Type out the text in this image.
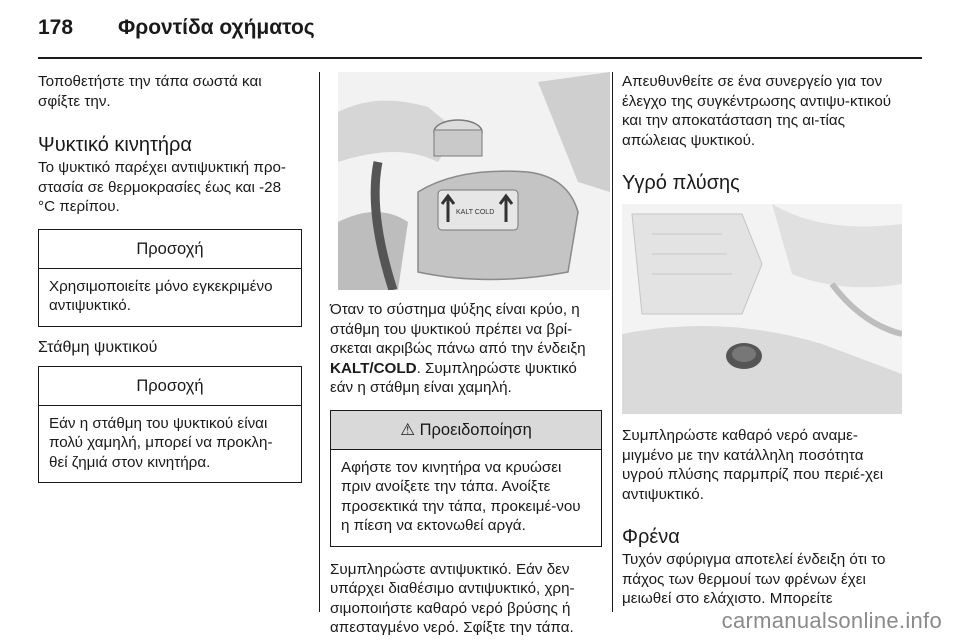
178 Φροντίδα οχήματος

Τοποθετήστε την τάπα σωστά και σφίξτε την.

Ψυκτικό κινητήρα

Το ψυκτικό παρέχει αντιψυκτική προ-στασία σε θερμοκρασίες έως και -28 °C περίπου.

Προσοχή
Χρησιμοποιείτε μόνο εγκεκριμένο αντιψυκτικό.
Στάθμη ψυκτικού
Προσοχή
Εάν η στάθμη του ψυκτικού είναι πολύ χαμηλή, μπορεί να προκλη-θεί ζημιά στον κινητήρα.
KALT COLD

Όταν το σύστημα ψύξης είναι κρύο, η στάθμη του ψυκτικού πρέπει να βρί-σκεται ακριβώς πάνω από την ένδειξη KALT/COLD. Συμπληρώστε ψυκτικό εάν η στάθμη είναι χαμηλή.

⚠ Προειδοποίηση
Αφήστε τον κινητήρα να κρυώσει πριν ανοίξετε την τάπα. Ανοίξτε προσεκτικά την τάπα, προκειμέ-νου η πίεση να εκτονωθεί αργά.

Συμπληρώστε αντιψυκτικό. Εάν δεν υπάρχει διαθέσιμο αντιψυκτικό, χρη-σιμοποιήστε καθαρό νερό βρύσης ή απεσταγμένο νερό. Σφίξτε την τάπα.

Απευθυνθείτε σε ένα συνεργείο για τον έλεγχο της συγκέντρωσης αντιψυ-κτικού και την αποκατάσταση της αι-τίας απώλειας ψυκτικού.

Υγρό πλύσης

Συμπληρώστε καθαρό νερό αναμε-μιγμένο με την κατάλληλη ποσότητα υγρού πλύσης παρμπρίζ που περιέ-χει αντιψυκτικό.

Φρένα

Τυχόν σφύριγμα αποτελεί ένδειξη ότι το πάχος των θερμουί των φρένων έχει μειωθεί στο ελάχιστο. Μπορείτε

carmanualsonline.info
